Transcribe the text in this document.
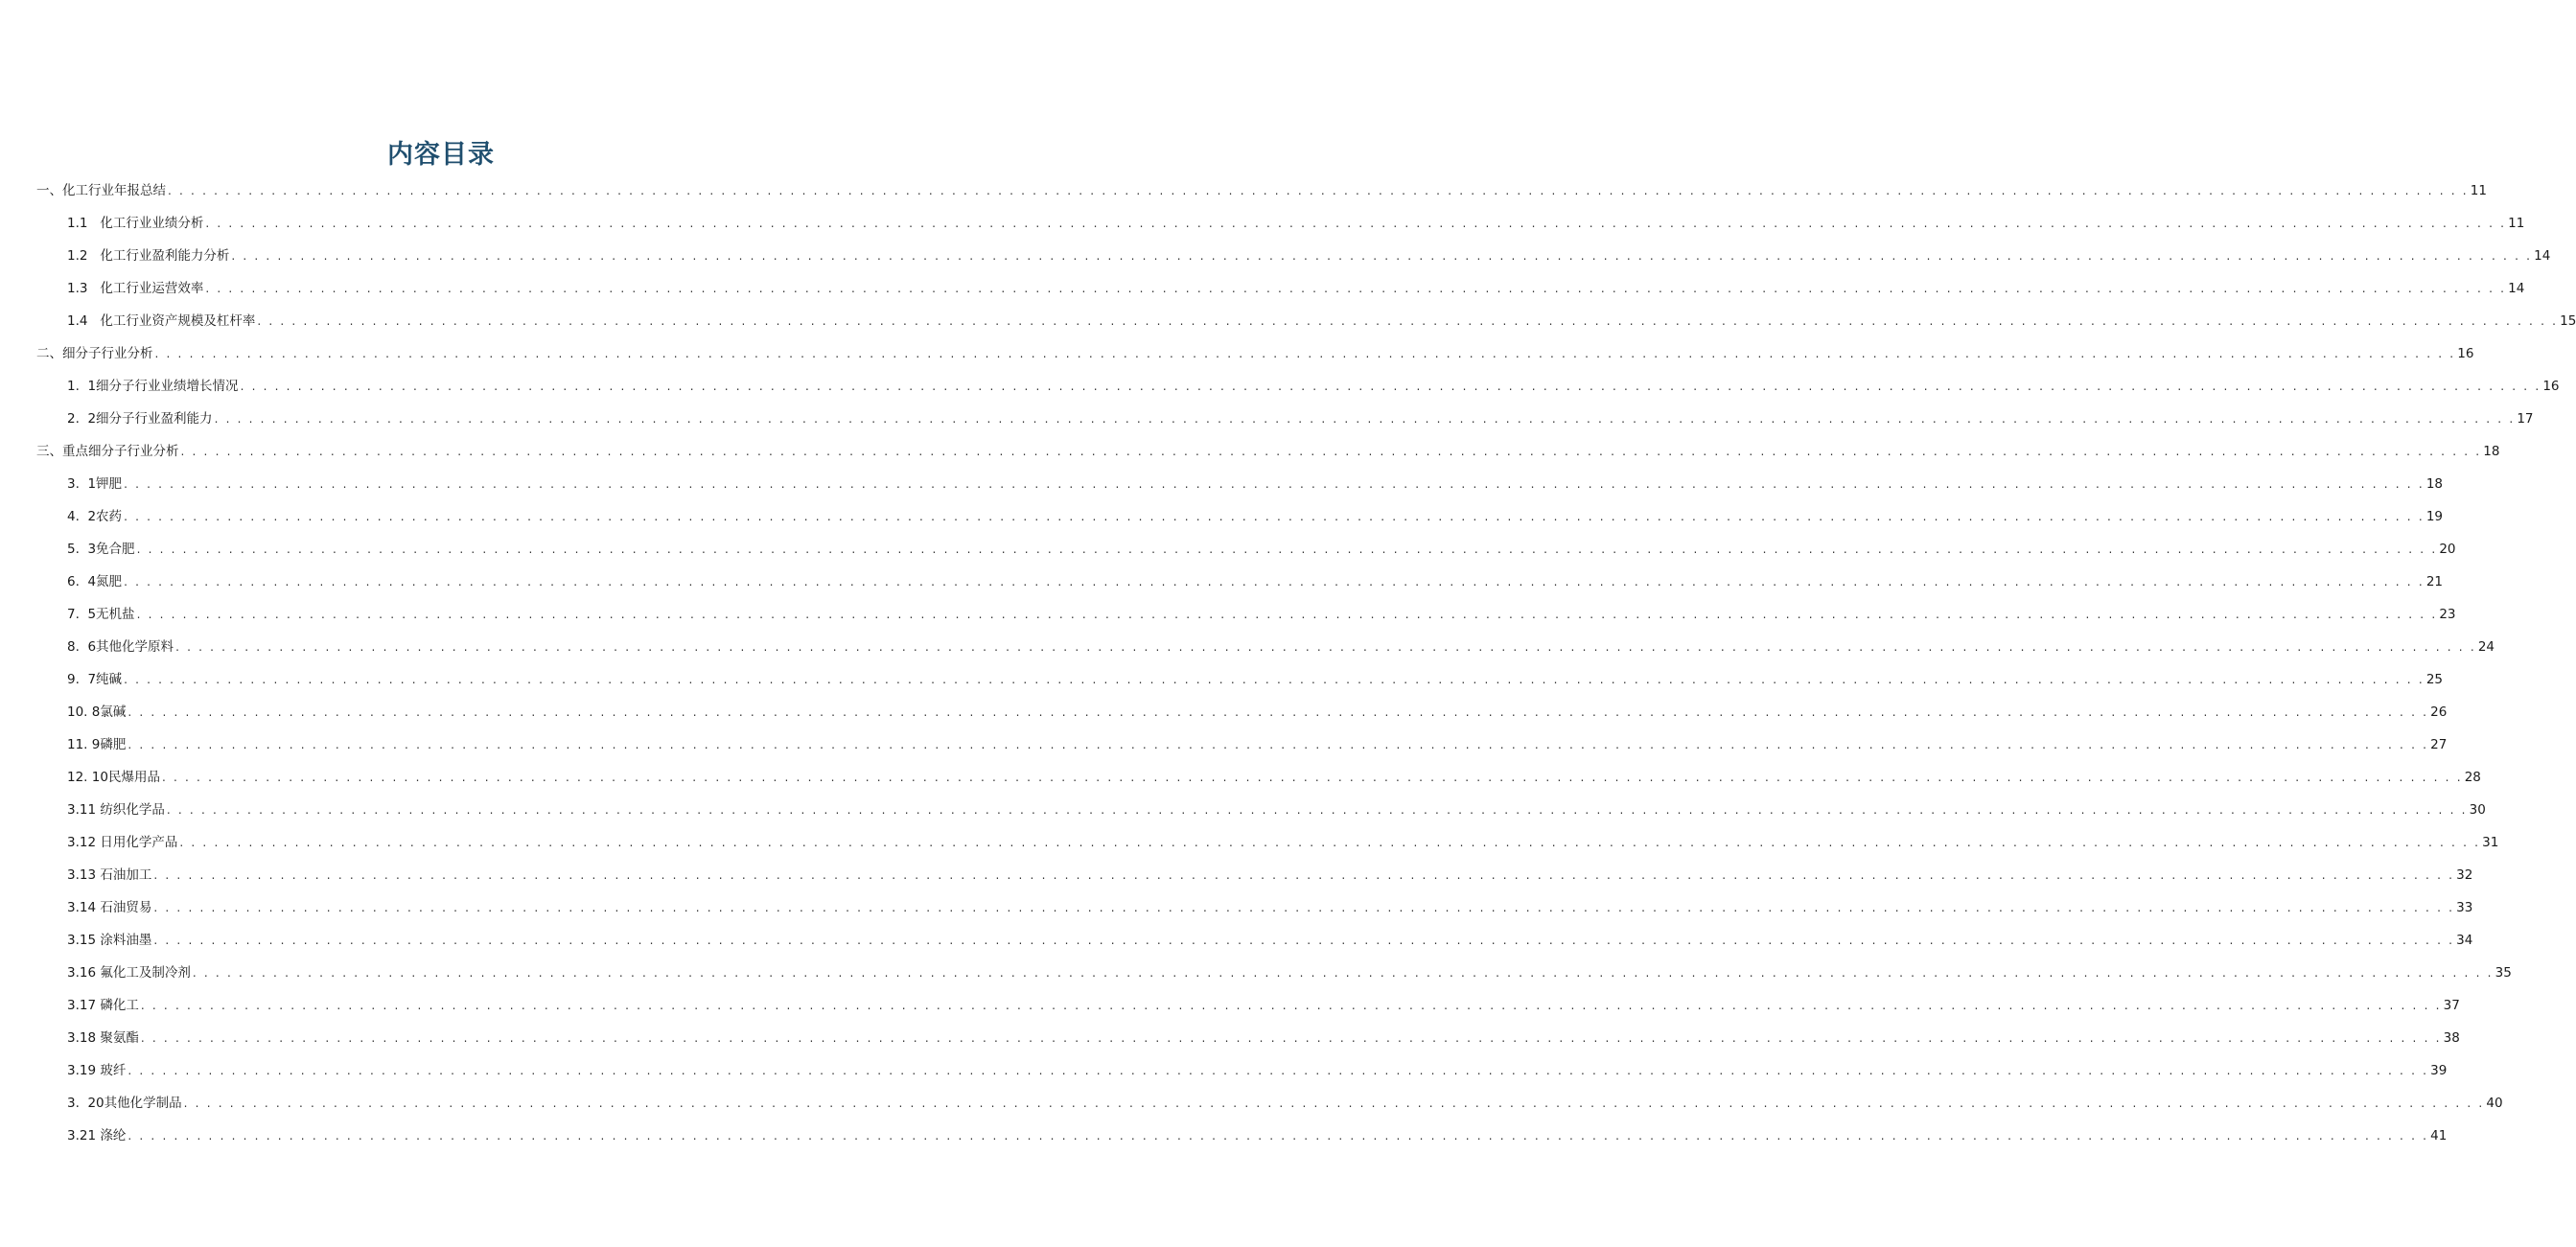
内容目录
一、 化工行业年报总结 . . . . . . . . . . . . . . . . . . . . . . . . . . . . . . . . . . . . . . . . . . . . . . . . . . . . . . . . . . . . . . . . . . . . . . . . . . . . . . . . . . . . . . . . . . . . . . . . . . . . . . . . . . . . . . . . . . . . . . . . . . . . . . . . . . . . . . . . . . . . . . . . . . . . . . . . . . . . . . . . . . . . . . . . . . . . . . . . . . . . . . . . . . . . . . . . . . . . . . . . 11
1.1 化工行业业绩分析 . . . . . . . . . . . . . . . . . . . . . . . . . . . . . . . . . . . . . . . . . . . . . . . . . . . . . . . . . . . . . . . . . . . . . . . . . . . . . . . . . . . . . . . . . . . . . . . . . . . . . . . . . . . . . . . . . . . . . . . . . . . . . . . . . . . . . . . . . . . . . . . . . . . . . . . . . . . . . . . . . . . . . . . . . . . . . . . . . . . . . . . . . . . . . . . . . . . . . . . . 11
1.2 化工行业盈利能力分析 . . . . . . . . . . . . . . . . . . . . . . . . . . . . . . . . . . . . . . . . . . . . . . . . . . . . . . . . . . . . . . . . . . . . . . . . . . . . . . . . . . . . . . . . . . . . . . . . . . . . . . . . . . . . . . . . . . . . . . . . . . . . . . . . . . . . . . . . . . . . . . . . . . . . . . . . . . . . . . . . . . . . . . . . . . . . . . . . . . . . . . . . . . . . . . . . . . . . . . . . 14
1.3 化工行业运营效率 . . . . . . . . . . . . . . . . . . . . . . . . . . . . . . . . . . . . . . . . . . . . . . . . . . . . . . . . . . . . . . . . . . . . . . . . . . . . . . . . . . . . . . . . . . . . . . . . . . . . . . . . . . . . . . . . . . . . . . . . . . . . . . . . . . . . . . . . . . . . . . . . . . . . . . . . . . . . . . . . . . . . . . . . . . . . . . . . . . . . . . . . . . . . . . . . . . . . . . . . 14
1.4 化工行业资产规模及杠杆率 . . . . . . . . . . . . . . . . . . . . . . . . . . . . . . . . . . . . . . . . . . . . . . . . . . . . . . . . . . . . . . . . . . . . . . . . . . . . . . . . . . . . . . . . . . . . . . . . . . . . . . . . . . . . . . . . . . . . . . . . . . . . . . . . . . . . . . . . . . . . . . . . . . . . . . . . . . . . . . . . . . . . . . . . . . . . . . . . . . . . . . . . . . . . . . . . . . . . . . . . 15
二、 细分子行业分析 . . . . . . . . . . . . . . . . . . . . . . . . . . . . . . . . . . . . . . . . . . . . . . . . . . . . . . . . . . . . . . . . . . . . . . . . . . . . . . . . . . . . . . . . . . . . . . . . . . . . . . . . . . . . . . . . . . . . . . . . . . . . . . . . . . . . . . . . . . . . . . . . . . . . . . . . . . . . . . . . . . . . . . . . . . . . . . . . . . . . . . . . . . . . . . . . . . . . . . . . 16
1. 1细分子行业业绩增长情况 . . . . . . . . . . . . . . . . . . . . . . . . . . . . . . . . . . . . . . . . . . . . . . . . . . . . . . . . . . . . . . . . . . . . . . . . . . . . . . . . . . . . . . . . . . . . . . . . . . . . . . . . . . . . . . . . . . . . . . . . . . . . . . . . . . . . . . . . . . . . . . . . . . . . . . . . . . . . . . . . . . . . . . . . . . . . . . . . . . . . . . . . . . . . . . . . . . . . . . . . 16
2. 2细分子行业盈利能力 . . . . . . . . . . . . . . . . . . . . . . . . . . . . . . . . . . . . . . . . . . . . . . . . . . . . . . . . . . . . . . . . . . . . . . . . . . . . . . . . . . . . . . . . . . . . . . . . . . . . . . . . . . . . . . . . . . . . . . . . . . . . . . . . . . . . . . . . . . . . . . . . . . . . . . . . . . . . . . . . . . . . . . . . . . . . . . . . . . . . . . . . . . . . . . . . . . . . . . . . 17
三、 重点细分子行业分析 . . . . . . . . . . . . . . . . . . . . . . . . . . . . . . . . . . . . . . . . . . . . . . . . . . . . . . . . . . . . . . . . . . . . . . . . . . . . . . . . . . . . . . . . . . . . . . . . . . . . . . . . . . . . . . . . . . . . . . . . . . . . . . . . . . . . . . . . . . . . . . . . . . . . . . . . . . . . . . . . . . . . . . . . . . . . . . . . . . . . . . . . . . . . . . . . . . . . . . . . 18
3. 1钾肥 . . . . . . . . . . . . . . . . . . . . . . . . . . . . . . . . . . . . . . . . . . . . . . . . . . . . . . . . . . . . . . . . . . . . . . . . . . . . . . . . . . . . . . . . . . . . . . . . . . . . . . . . . . . . . . . . . . . . . . . . . . . . . . . . . . . . . . . . . . . . . . . . . . . . . . . . . . . . . . . . . . . . . . . . . . . . . . . . . . . . . . . . . . . . . . . . . . . . . . . . 18
4. 2农药 . . . . . . . . . . . . . . . . . . . . . . . . . . . . . . . . . . . . . . . . . . . . . . . . . . . . . . . . . . . . . . . . . . . . . . . . . . . . . . . . . . . . . . . . . . . . . . . . . . . . . . . . . . . . . . . . . . . . . . . . . . . . . . . . . . . . . . . . . . . . . . . . . . . . . . . . . . . . . . . . . . . . . . . . . . . . . . . . . . . . . . . . . . . . . . . . . . . . . . . . 19
5. 3免合肥 . . . . . . . . . . . . . . . . . . . . . . . . . . . . . . . . . . . . . . . . . . . . . . . . . . . . . . . . . . . . . . . . . . . . . . . . . . . . . . . . . . . . . . . . . . . . . . . . . . . . . . . . . . . . . . . . . . . . . . . . . . . . . . . . . . . . . . . . . . . . . . . . . . . . . . . . . . . . . . . . . . . . . . . . . . . . . . . . . . . . . . . . . . . . . . . . . . . . . . . . 20
6. 4氮肥 . . . . . . . . . . . . . . . . . . . . . . . . . . . . . . . . . . . . . . . . . . . . . . . . . . . . . . . . . . . . . . . . . . . . . . . . . . . . . . . . . . . . . . . . . . . . . . . . . . . . . . . . . . . . . . . . . . . . . . . . . . . . . . . . . . . . . . . . . . . . . . . . . . . . . . . . . . . . . . . . . . . . . . . . . . . . . . . . . . . . . . . . . . . . . . . . . . . . . . . . 21
7. 5无机盐 . . . . . . . . . . . . . . . . . . . . . . . . . . . . . . . . . . . . . . . . . . . . . . . . . . . . . . . . . . . . . . . . . . . . . . . . . . . . . . . . . . . . . . . . . . . . . . . . . . . . . . . . . . . . . . . . . . . . . . . . . . . . . . . . . . . . . . . . . . . . . . . . . . . . . . . . . . . . . . . . . . . . . . . . . . . . . . . . . . . . . . . . . . . . . . . . . . . . . . . . 23
8. 6其他化学原料 . . . . . . . . . . . . . . . . . . . . . . . . . . . . . . . . . . . . . . . . . . . . . . . . . . . . . . . . . . . . . . . . . . . . . . . . . . . . . . . . . . . . . . . . . . . . . . . . . . . . . . . . . . . . . . . . . . . . . . . . . . . . . . . . . . . . . . . . . . . . . . . . . . . . . . . . . . . . . . . . . . . . . . . . . . . . . . . . . . . . . . . . . . . . . . . . . . . . . . . . 24
9. 7纯碱 . . . . . . . . . . . . . . . . . . . . . . . . . . . . . . . . . . . . . . . . . . . . . . . . . . . . . . . . . . . . . . . . . . . . . . . . . . . . . . . . . . . . . . . . . . . . . . . . . . . . . . . . . . . . . . . . . . . . . . . . . . . . . . . . . . . . . . . . . . . . . . . . . . . . . . . . . . . . . . . . . . . . . . . . . . . . . . . . . . . . . . . . . . . . . . . . . . . . . . . . 25
10. 8氯碱 . . . . . . . . . . . . . . . . . . . . . . . . . . . . . . . . . . . . . . . . . . . . . . . . . . . . . . . . . . . . . . . . . . . . . . . . . . . . . . . . . . . . . . . . . . . . . . . . . . . . . . . . . . . . . . . . . . . . . . . . . . . . . . . . . . . . . . . . . . . . . . . . . . . . . . . . . . . . . . . . . . . . . . . . . . . . . . . . . . . . . . . . . . . . . . . . . . . . . . . . 26
11. 9磷肥 . . . . . . . . . . . . . . . . . . . . . . . . . . . . . . . . . . . . . . . . . . . . . . . . . . . . . . . . . . . . . . . . . . . . . . . . . . . . . . . . . . . . . . . . . . . . . . . . . . . . . . . . . . . . . . . . . . . . . . . . . . . . . . . . . . . . . . . . . . . . . . . . . . . . . . . . . . . . . . . . . . . . . . . . . . . . . . . . . . . . . . . . . . . . . . . . . . . . . . . . 27
12. 10民爆用品 . . . . . . . . . . . . . . . . . . . . . . . . . . . . . . . . . . . . . . . . . . . . . . . . . . . . . . . . . . . . . . . . . . . . . . . . . . . . . . . . . . . . . . . . . . . . . . . . . . . . . . . . . . . . . . . . . . . . . . . . . . . . . . . . . . . . . . . . . . . . . . . . . . . . . . . . . . . . . . . . . . . . . . . . . . . . . . . . . . . . . . . . . . . . . . . . . . . . . . . . 28
3.11 纺织化学品 . . . . . . . . . . . . . . . . . . . . . . . . . . . . . . . . . . . . . . . . . . . . . . . . . . . . . . . . . . . . . . . . . . . . . . . . . . . . . . . . . . . . . . . . . . . . . . . . . . . . . . . . . . . . . . . . . . . . . . . . . . . . . . . . . . . . . . . . . . . . . . . . . . . . . . . . . . . . . . . . . . . . . . . . . . . . . . . . . . . . . . . . . . . . . . . . . . . . . . . . 30
3.12 日用化学产品 . . . . . . . . . . . . . . . . . . . . . . . . . . . . . . . . . . . . . . . . . . . . . . . . . . . . . . . . . . . . . . . . . . . . . . . . . . . . . . . . . . . . . . . . . . . . . . . . . . . . . . . . . . . . . . . . . . . . . . . . . . . . . . . . . . . . . . . . . . . . . . . . . . . . . . . . . . . . . . . . . . . . . . . . . . . . . . . . . . . . . . . . . . . . . . . . . . . . . . . . 31
3.13 石油加工 . . . . . . . . . . . . . . . . . . . . . . . . . . . . . . . . . . . . . . . . . . . . . . . . . . . . . . . . . . . . . . . . . . . . . . . . . . . . . . . . . . . . . . . . . . . . . . . . . . . . . . . . . . . . . . . . . . . . . . . . . . . . . . . . . . . . . . . . . . . . . . . . . . . . . . . . . . . . . . . . . . . . . . . . . . . . . . . . . . . . . . . . . . . . . . . . . . . . . . . . 32
3.14 石油贸易 . . . . . . . . . . . . . . . . . . . . . . . . . . . . . . . . . . . . . . . . . . . . . . . . . . . . . . . . . . . . . . . . . . . . . . . . . . . . . . . . . . . . . . . . . . . . . . . . . . . . . . . . . . . . . . . . . . . . . . . . . . . . . . . . . . . . . . . . . . . . . . . . . . . . . . . . . . . . . . . . . . . . . . . . . . . . . . . . . . . . . . . . . . . . . . . . . . . . . . . . 33
3.15 涂料油墨 . . . . . . . . . . . . . . . . . . . . . . . . . . . . . . . . . . . . . . . . . . . . . . . . . . . . . . . . . . . . . . . . . . . . . . . . . . . . . . . . . . . . . . . . . . . . . . . . . . . . . . . . . . . . . . . . . . . . . . . . . . . . . . . . . . . . . . . . . . . . . . . . . . . . . . . . . . . . . . . . . . . . . . . . . . . . . . . . . . . . . . . . . . . . . . . . . . . . . . . . 34
3.16 氟化工及制冷剂 . . . . . . . . . . . . . . . . . . . . . . . . . . . . . . . . . . . . . . . . . . . . . . . . . . . . . . . . . . . . . . . . . . . . . . . . . . . . . . . . . . . . . . . . . . . . . . . . . . . . . . . . . . . . . . . . . . . . . . . . . . . . . . . . . . . . . . . . . . . . . . . . . . . . . . . . . . . . . . . . . . . . . . . . . . . . . . . . . . . . . . . . . . . . . . . . . . . . . . . . 35
3.17 磷化工 . . . . . . . . . . . . . . . . . . . . . . . . . . . . . . . . . . . . . . . . . . . . . . . . . . . . . . . . . . . . . . . . . . . . . . . . . . . . . . . . . . . . . . . . . . . . . . . . . . . . . . . . . . . . . . . . . . . . . . . . . . . . . . . . . . . . . . . . . . . . . . . . . . . . . . . . . . . . . . . . . . . . . . . . . . . . . . . . . . . . . . . . . . . . . . . . . . . . . . . . 37
3.18 聚氨酯 . . . . . . . . . . . . . . . . . . . . . . . . . . . . . . . . . . . . . . . . . . . . . . . . . . . . . . . . . . . . . . . . . . . . . . . . . . . . . . . . . . . . . . . . . . . . . . . . . . . . . . . . . . . . . . . . . . . . . . . . . . . . . . . . . . . . . . . . . . . . . . . . . . . . . . . . . . . . . . . . . . . . . . . . . . . . . . . . . . . . . . . . . . . . . . . . . . . . . . . . 38
3.19 玻纤 . . . . . . . . . . . . . . . . . . . . . . . . . . . . . . . . . . . . . . . . . . . . . . . . . . . . . . . . . . . . . . . . . . . . . . . . . . . . . . . . . . . . . . . . . . . . . . . . . . . . . . . . . . . . . . . . . . . . . . . . . . . . . . . . . . . . . . . . . . . . . . . . . . . . . . . . . . . . . . . . . . . . . . . . . . . . . . . . . . . . . . . . . . . . . . . . . . . . . . . . 39
3. 20其他化学制品 . . . . . . . . . . . . . . . . . . . . . . . . . . . . . . . . . . . . . . . . . . . . . . . . . . . . . . . . . . . . . . . . . . . . . . . . . . . . . . . . . . . . . . . . . . . . . . . . . . . . . . . . . . . . . . . . . . . . . . . . . . . . . . . . . . . . . . . . . . . . . . . . . . . . . . . . . . . . . . . . . . . . . . . . . . . . . . . . . . . . . . . . . . . . . . . . . . . . . . . . 40
3.21 涤纶 . . . . . . . . . . . . . . . . . . . . . . . . . . . . . . . . . . . . . . . . . . . . . . . . . . . . . . . . . . . . . . . . . . . . . . . . . . . . . . . . . . . . . . . . . . . . . . . . . . . . . . . . . . . . . . . . . . . . . . . . . . . . . . . . . . . . . . . . . . . . . . . . . . . . . . . . . . . . . . . . . . . . . . . . . . . . . . . . . . . . . . . . . . . . . . . . . . . . . . . . 41
